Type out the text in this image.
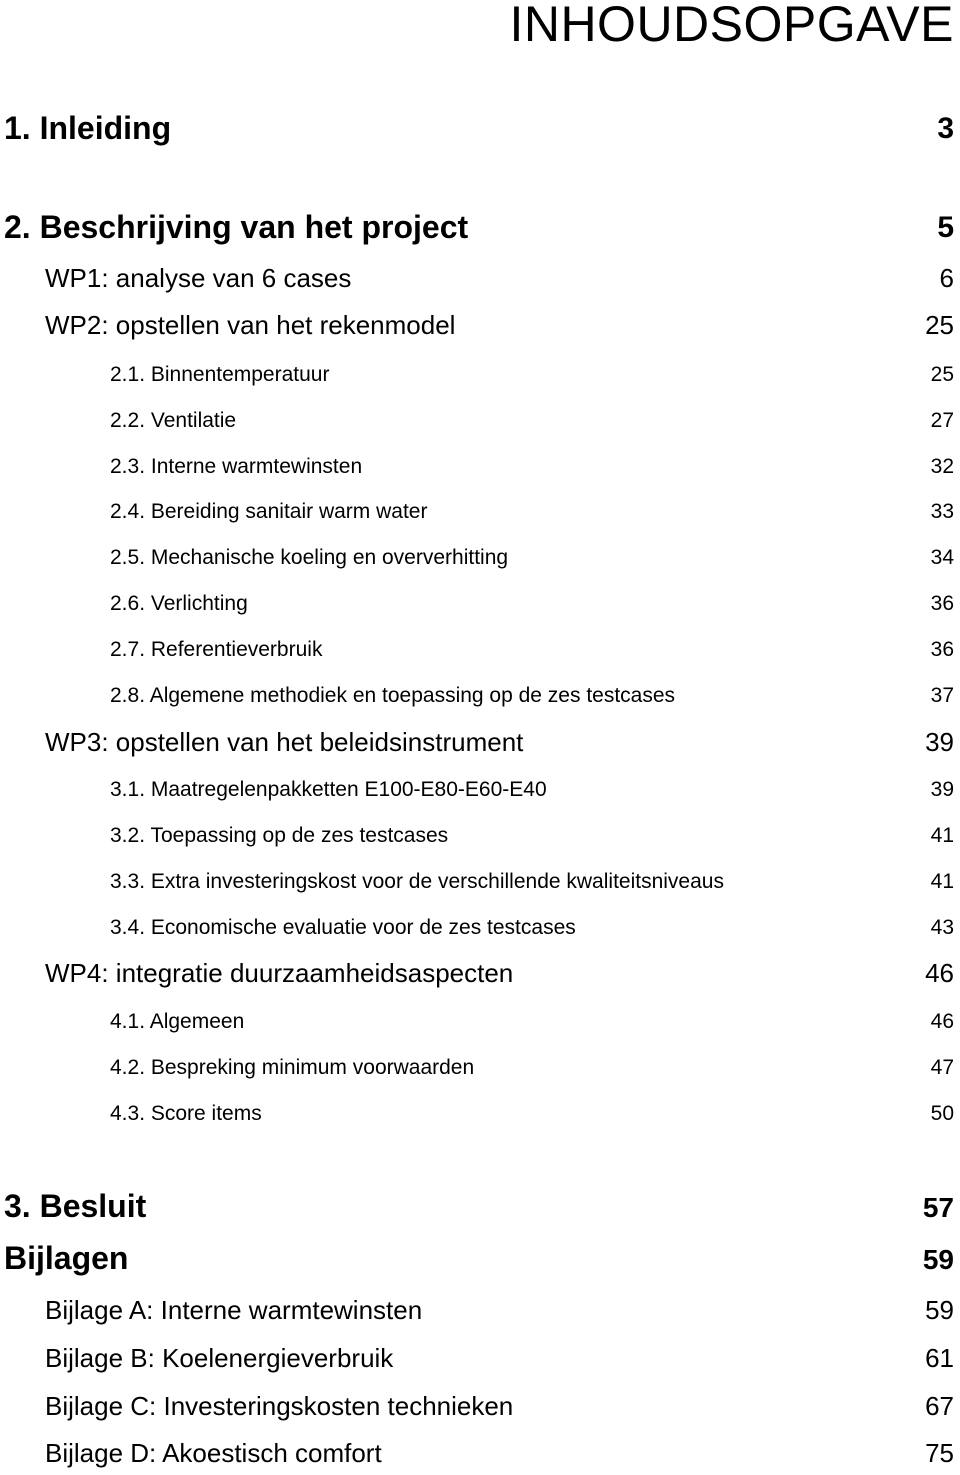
INHOUDSOPGAVE
1. Inleiding	3
2. Beschrijving van het project	5
WP1: analyse van 6 cases	6
WP2: opstellen van het rekenmodel	25
2.1. Binnentemperatuur	25
2.2. Ventilatie	27
2.3. Interne warmtewinsten	32
2.4. Bereiding sanitair warm water	33
2.5. Mechanische koeling en oververhitting	34
2.6. Verlichting	36
2.7. Referentieverbruik	36
2.8. Algemene methodiek en toepassing op de zes testcases	37
WP3: opstellen van het beleidsinstrument	39
3.1. Maatregelenpakketten E100-E80-E60-E40	39
3.2. Toepassing op de zes testcases	41
3.3. Extra investeringskost voor de verschillende kwaliteitsniveaus	41
3.4. Economische evaluatie voor de zes testcases	43
WP4: integratie duurzaamheidsaspecten	46
4.1. Algemeen	46
4.2. Bespreking minimum voorwaarden	47
4.3. Score items	50
3. Besluit	57
Bijlagen	59
Bijlage A: Interne warmtewinsten	59
Bijlage B: Koelenergieverbruik	61
Bijlage C: Investeringskosten technieken	67
Bijlage D: Akoestisch comfort	75
